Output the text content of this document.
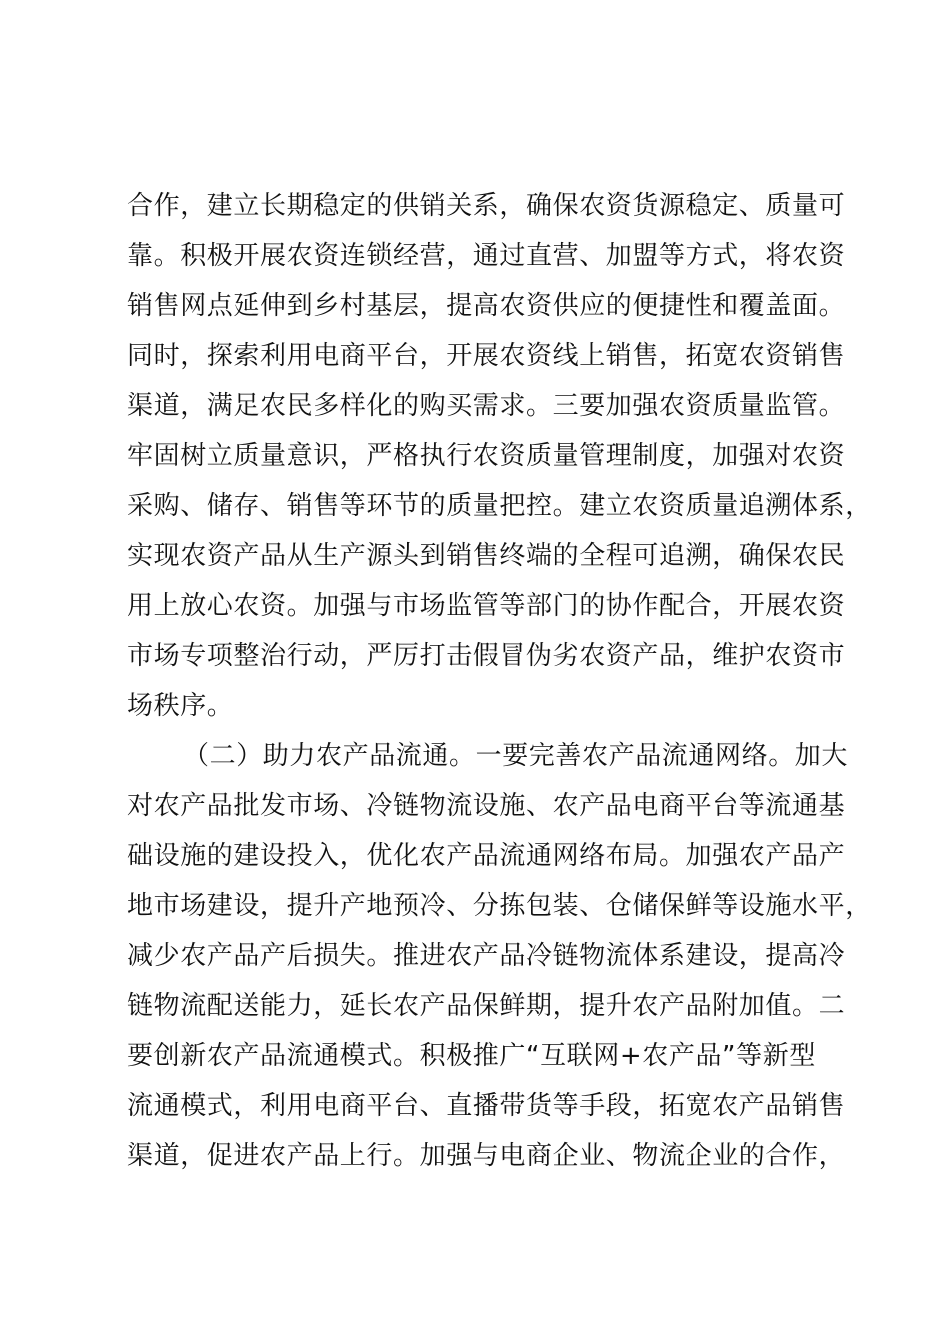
合作，建立长期稳定的供销关系，确保农资货源稳定、质量可
靠。积极开展农资连锁经营，通过直营、加盟等方式，将农资
销售网点延伸到乡村基层，提高农资供应的便捷性和覆盖面。
同时，探索利用电商平台，开展农资线上销售，拓宽农资销售
渠道，满足农民多样化的购买需求。三要加强农资质量监管。
牢固树立质量意识，严格执行农资质量管理制度，加强对农资
采购、储存、销售等环节的质量把控。建立农资质量追溯体系，
实现农资产品从生产源头到销售终端的全程可追溯，确保农民
用上放心农资。加强与市场监管等部门的协作配合，开展农资
市场专项整治行动，严厉打击假冒伪劣农资产品，维护农资市
场秩序。
（二）助力农产品流通。一要完善农产品流通网络。加大
对农产品批发市场、冷链物流设施、农产品电商平台等流通基
础设施的建设投入，优化农产品流通网络布局。加强农产品产
地市场建设，提升产地预冷、分拣包装、仓储保鲜等设施水平，
减少农产品产后损失。推进农产品冷链物流体系建设，提高冷
链物流配送能力，延长农产品保鲜期，提升农产品附加值。二
要创新农产品流通模式。积极推广“互联网+农产品”等新型
流通模式，利用电商平台、直播带货等手段，拓宽农产品销售
渠道，促进农产品上行。加强与电商企业、物流企业的合作，
